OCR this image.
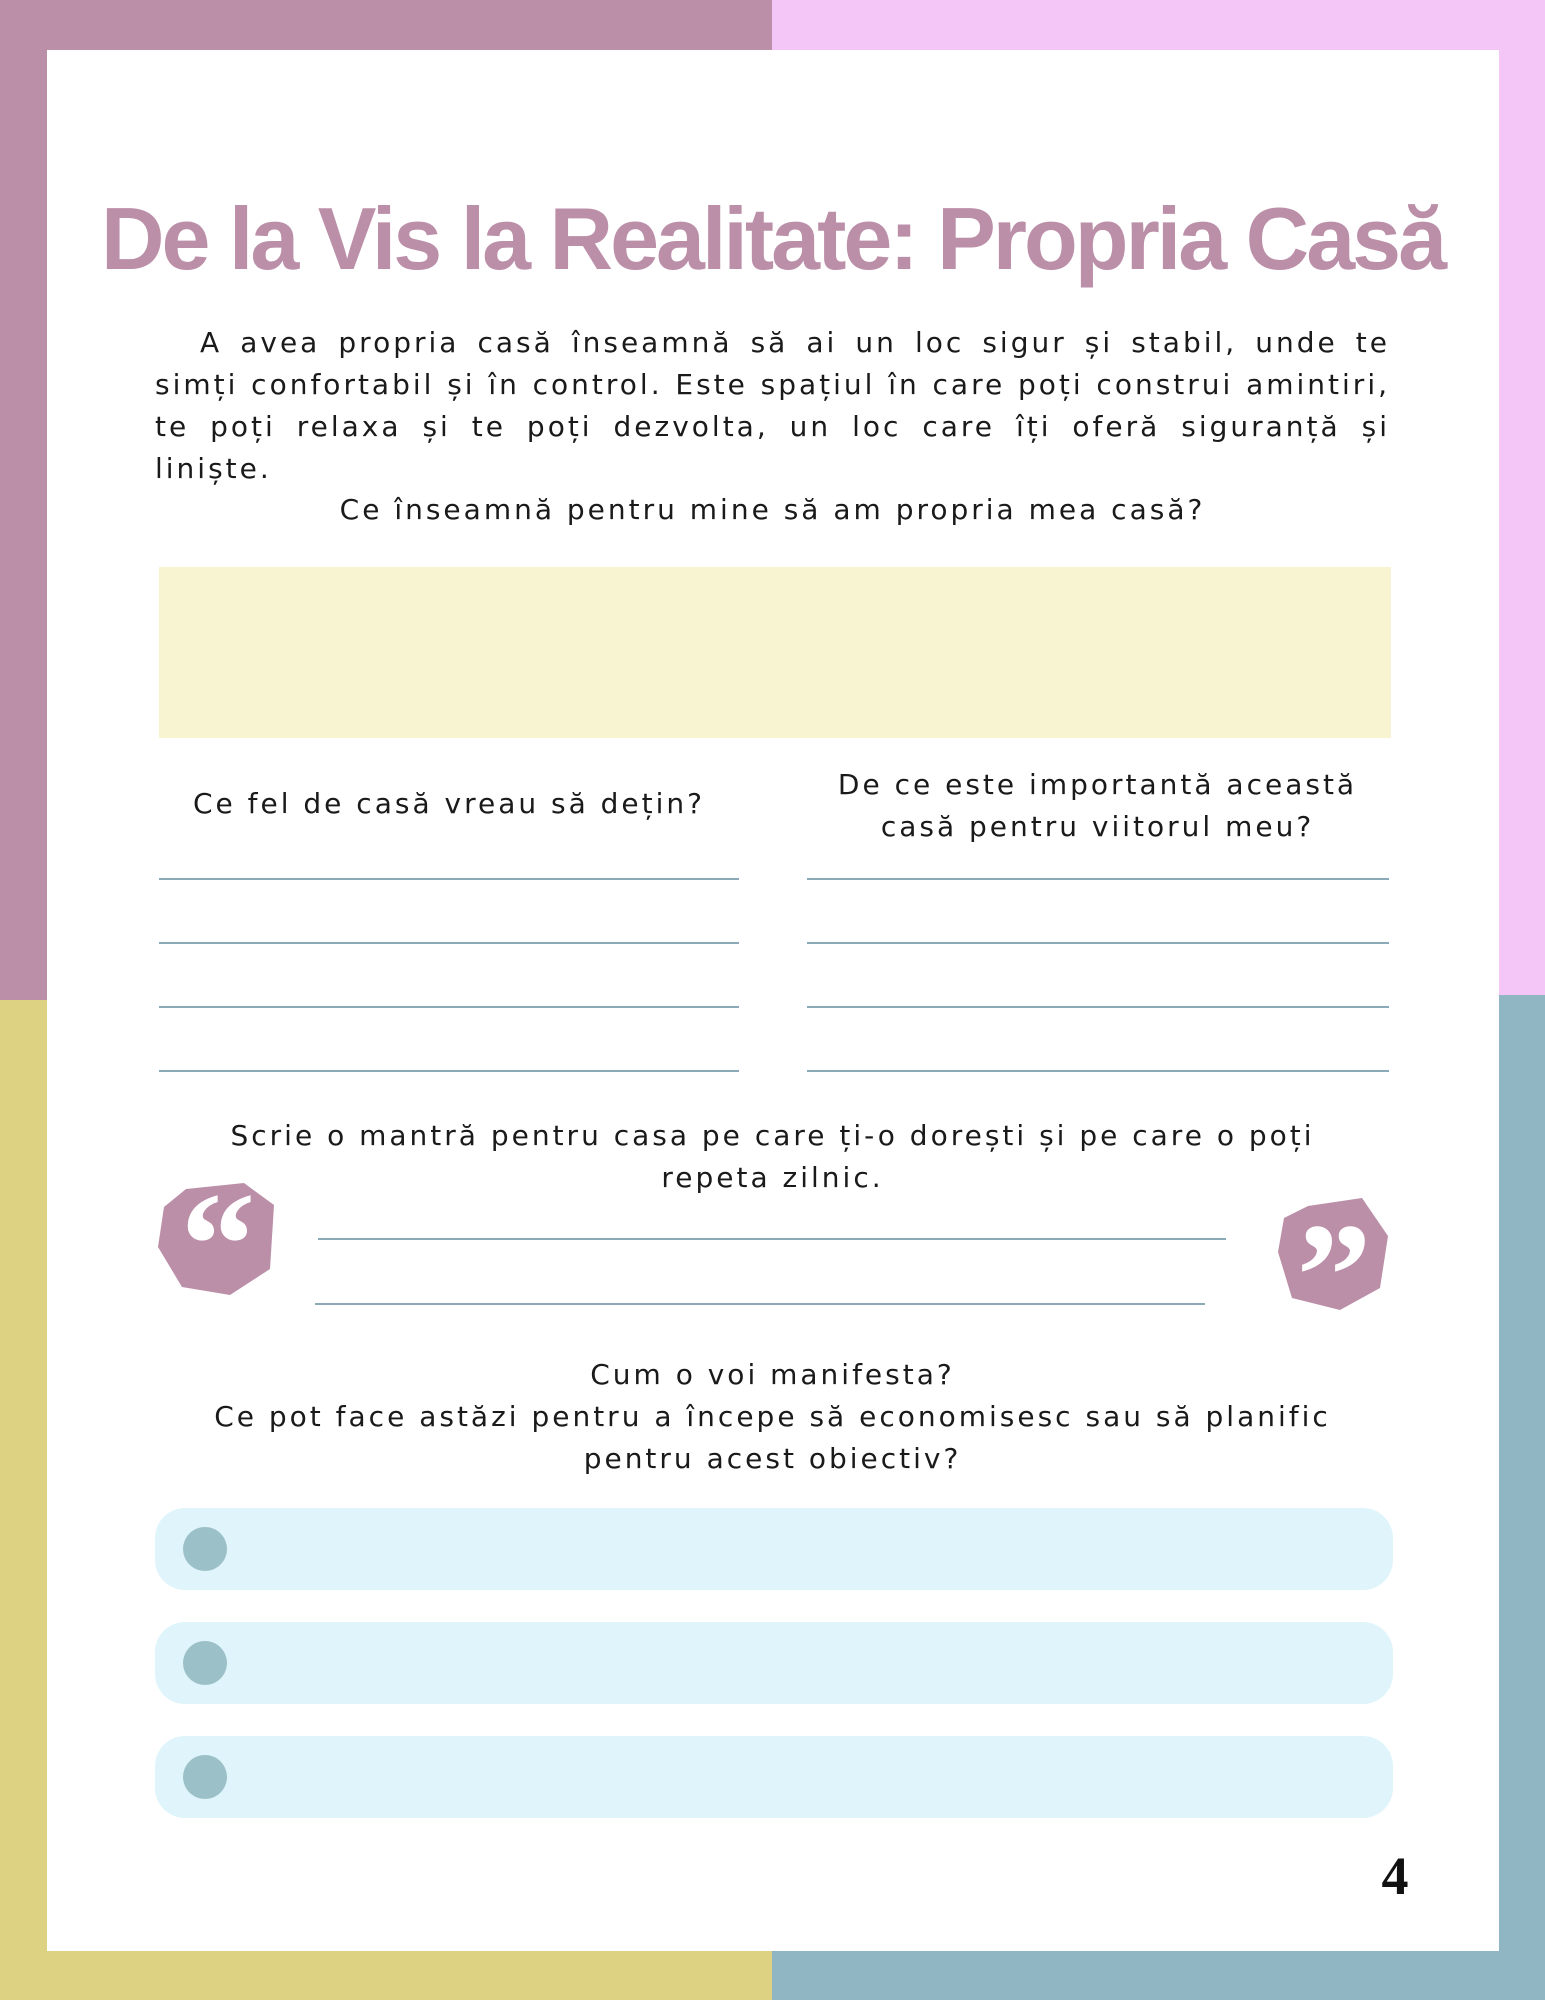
De la Vis la Realitate: Propria Casă

A avea propria casă înseamnă să ai un loc sigur și stabil, unde te simți confortabil și în control. Este spațiul în care poți construi amintiri, te poți relaxa și te poți dezvolta, un loc care îți oferă siguranță și liniște.

Ce înseamnă pentru mine să am propria mea casă?

Ce fel de casă vreau să dețin?

De ce este importantă această casă pentru viitorul meu?

Scrie o mantră pentru casa pe care ți-o dorești și pe care o poți repeta zilnic.

“	”

Cum o voi manifesta?
Ce pot face astăzi pentru a începe să economisesc sau să planific pentru acest obiectiv?

4
